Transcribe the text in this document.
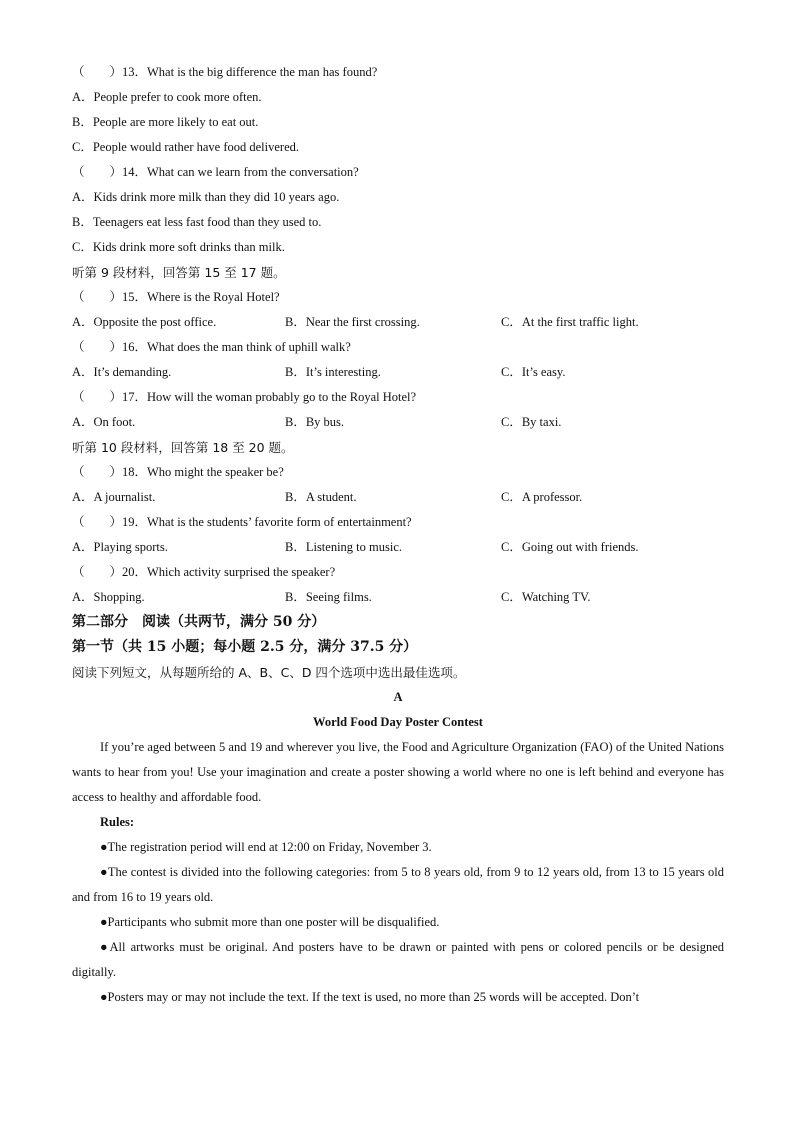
（　　）13．What is the big difference the man has found?
A．People prefer to cook more often.
B．People are more likely to eat out.
C．People would rather have food delivered.
（　　）14．What can we learn from the conversation?
A．Kids drink more milk than they did 10 years ago.
B．Teenagers eat less fast food than they used to.
C．Kids drink more soft drinks than milk.
听第 9 段材料，回答第 15 至 17 题。
（　　）15．Where is the Royal Hotel?
A．Opposite the post office.	B．Near the first crossing.	C．At the first traffic light.
（　　）16．What does the man think of uphill walk?
A．It’s demanding.	B．It’s interesting.	C．It’s easy.
（　　）17．How will the woman probably go to the Royal Hotel?
A．On foot.	B．By bus.	C．By taxi.
听第 10 段材料，回答第 18 至 20 题。
（　　）18．Who might the speaker be?
A．A journalist.	B．A student.	C．A professor.
（　　）19．What is the students’ favorite form of entertainment?
A．Playing sports.	B．Listening to music.	C．Going out with friends.
（　　）20．Which activity surprised the speaker?
A．Shopping.	B．Seeing films.	C．Watching TV.
第二部分　阅读（共两节，满分 50 分）
第一节（共 15 小题；每小题 2.5 分，满分 37.5 分）
阅读下列短文，从每题所给的 A、B、C、D 四个选项中选出最佳选项。
A
World Food Day Poster Contest
If you’re aged between 5 and 19 and wherever you live, the Food and Agriculture Organization (FAO) of the United Nations wants to hear from you! Use your imagination and create a poster showing a world where no one is left behind and everyone has access to healthy and affordable food.
Rules:
●The registration period will end at 12:00 on Friday, November 3.
●The contest is divided into the following categories: from 5 to 8 years old, from 9 to 12 years old, from 13 to 15 years old and from 16 to 19 years old.
●Participants who submit more than one poster will be disqualified.
●All artworks must be original. And posters have to be drawn or painted with pens or colored pencils or be designed digitally.
●Posters may or may not include the text. If the text is used, no more than 25 words will be accepted. Don’t
